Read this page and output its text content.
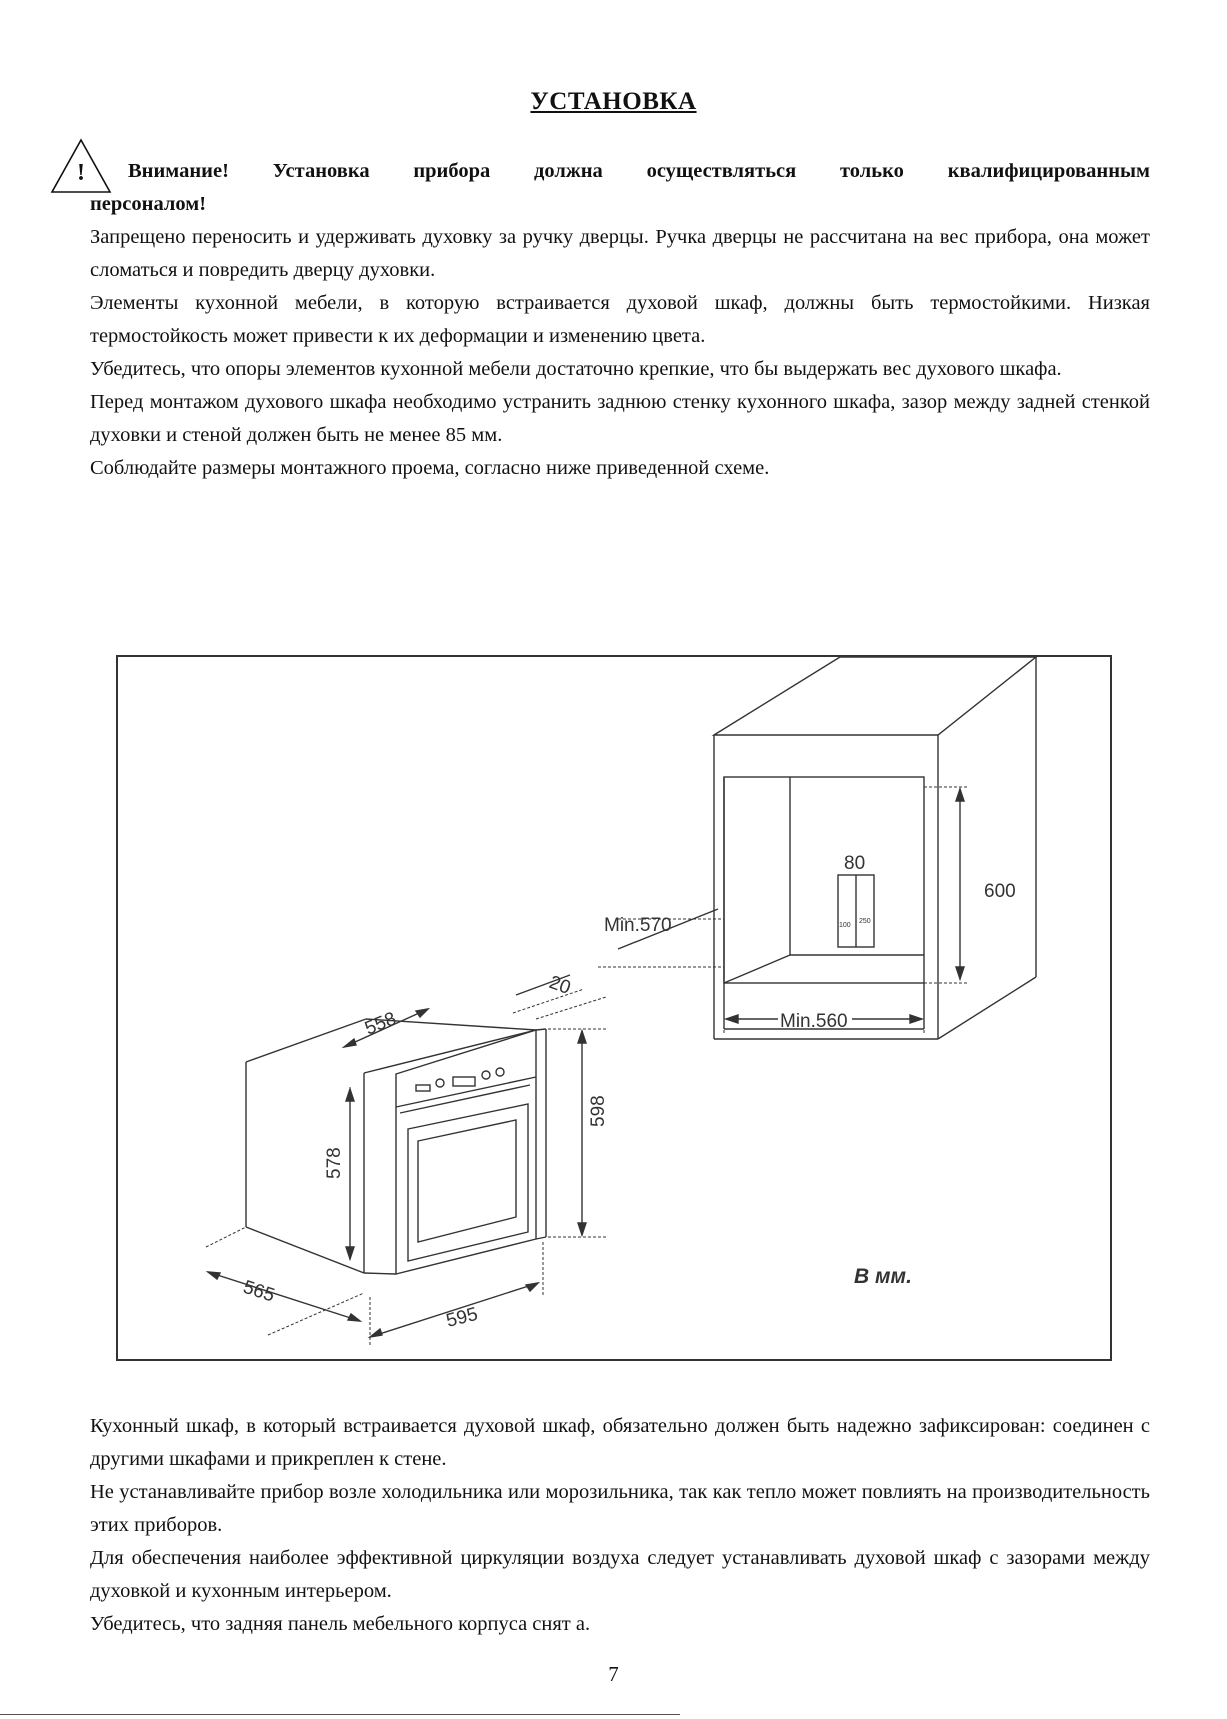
УСТАНОВКА
!	Внимание! Установка прибора должна осуществляться только квалифицированным

персоналом!

Запрещено переносить и удерживать духовку за ручку дверцы. Ручка дверцы не рассчитана на вес прибора, она может сломаться и повредить дверцу духовки.

Элементы кухонной мебели, в которую встраивается духовой шкаф, должны быть термостойкими. Низкая термостойкость может привести к их деформации и изменению цвета.

Убедитесь, что опоры элементов кухонной мебели достаточно крепкие, что бы выдержать вес духового шкафа.

Перед монтажом духового шкафа необходимо устранить заднюю стенку кухонного шкафа, зазор между задней стенкой духовки и стеной должен быть не менее 85 мм.

Соблюдайте размеры монтажного проема, согласно ниже приведенной схеме.

558
20
578
598
565
595
80
100
250
600
Min.570
Min.560
В мм.

Кухонный шкаф, в который встраивается духовой шкаф, обязательно должен быть надежно зафиксирован: соединен с другими шкафами и прикреплен к стене.

Не устанавливайте прибор возле холодильника или морозильника, так как тепло может повлиять на производительность этих приборов.

Для обеспечения наиболее эффективной циркуляции воздуха следует устанавливать духовой шкаф с зазорами между духовкой и кухонным интерьером.

Убедитесь, что задняя панель мебельного корпуса снят а.

7
